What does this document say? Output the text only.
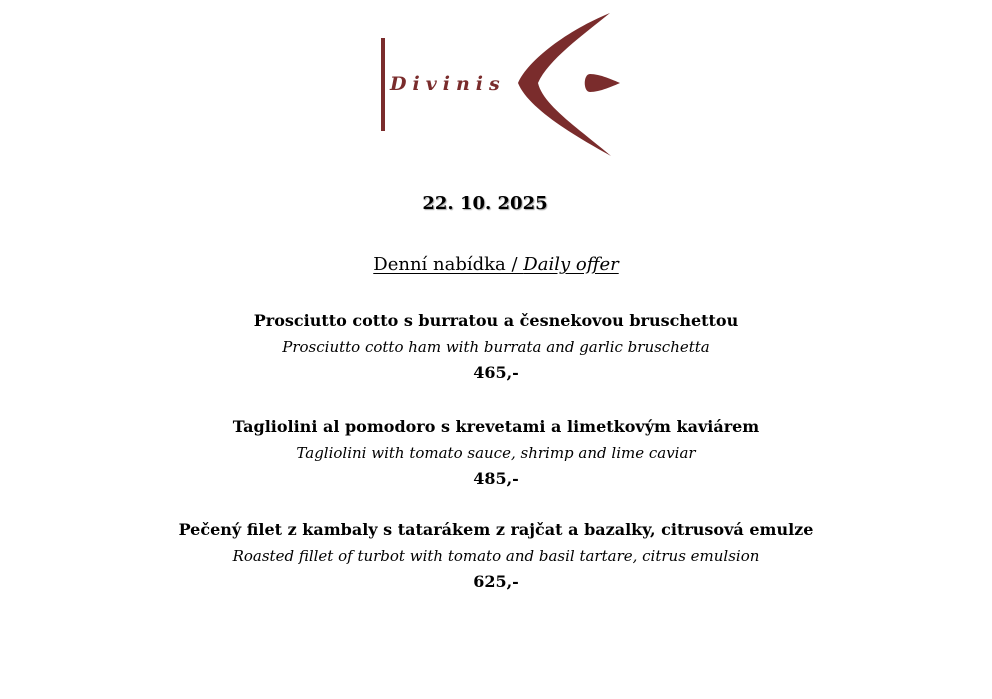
Divinis
22. 10. 2025
Denní nabídka / Daily offer
Prosciutto cotto s burratou a česnekovou bruschettou
Prosciutto cotto ham with burrata and garlic bruschetta
465,-
Tagliolini al pomodoro s krevetami a limetkovým kaviárem
Tagliolini with tomato sauce, shrimp and lime caviar
485,-
Pečený filet z kambaly s tatarákem z rajčat a bazalky, citrusová emulze
Roasted fillet of turbot with tomato and basil tartare, citrus emulsion
625,-
